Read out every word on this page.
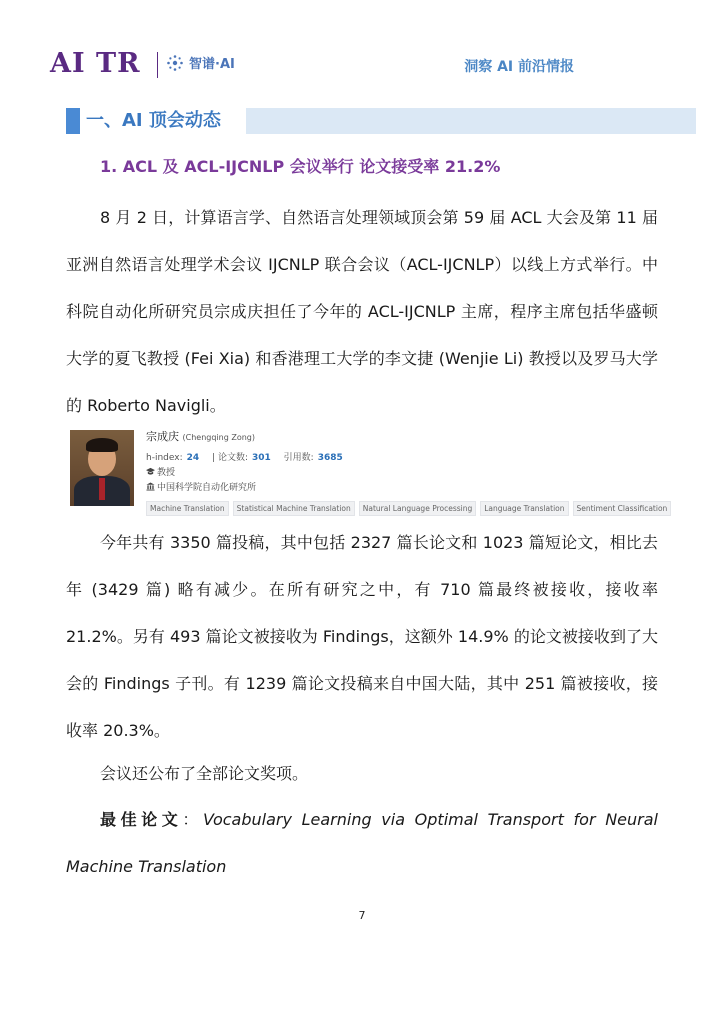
AI TR	智谱·AI	洞察 AI 前沿情报
一、AI 顶会动态
1. ACL 及 ACL-IJCNLP 会议举行 论文接受率 21.2%

8 月 2 日，计算语言学、自然语言处理领域顶会第 59 届 ACL 大会及第 11 届亚洲自然语言处理学术会议 IJCNLP 联合会议（ACL-IJCNLP）以线上方式举行。中科院自动化所研究员宗成庆担任了今年的 ACL-IJCNLP 主席，程序主席包括华盛顿大学的夏飞教授 (Fei Xia) 和香港理工大学的李文捷 (Wenjie Li) 教授以及罗马大学的 Roberto Navigli。

宗成庆 (Chengqing Zong)
h-index: 24 | 论文数: 301 引用数: 3685
教授
中国科学院自动化研究所
Machine Translation	Statistical Machine Translation	Natural Language Processing	Language Translation	Sentiment Classification

今年共有 3350 篇投稿，其中包括 2327 篇长论文和 1023 篇短论文，相比去年 (3429 篇) 略有减少。在所有研究之中，有 710 篇最终被接收，接收率 21.2%。另有 493 篇论文被接收为 Findings，这额外 14.9% 的论文被接收到了大会的 Findings 子刊。有 1239 篇论文投稿来自中国大陆，其中 251 篇被接收，接收率 20.3%。

会议还公布了全部论文奖项。

最佳论文：Vocabulary Learning via Optimal Transport for Neural Machine Translation

7
